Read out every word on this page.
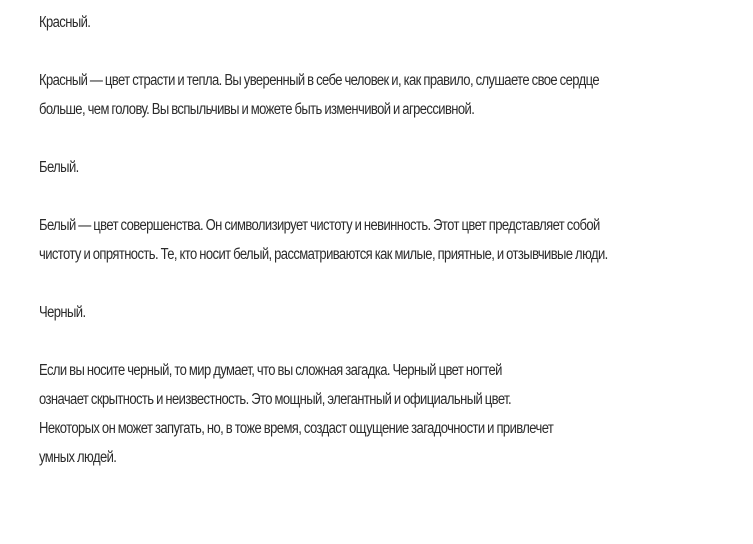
Красный.
Красный — цвет страсти и тепла. Вы уверенный в себе человек и, как правило, слушаете свое сердце
больше, чем голову. Вы вспыльчивы и можете быть изменчивой и агрессивной.
Белый.
Белый — цвет совершенства. Он символизирует чистоту и невинность. Этот цвет представляет собой
чистоту и опрятность. Те, кто носит белый, рассматриваются как милые, приятные, и отзывчивые люди.
Черный.
Если вы носите черный, то мир думает, что вы сложная загадка. Черный цвет ногтей
означает скрытность и неизвестность. Это мощный, элегантный и официальный цвет.
Некоторых он может запугать, но, в тоже время, создаст ощущение загадочности и привлечет
умных людей.
